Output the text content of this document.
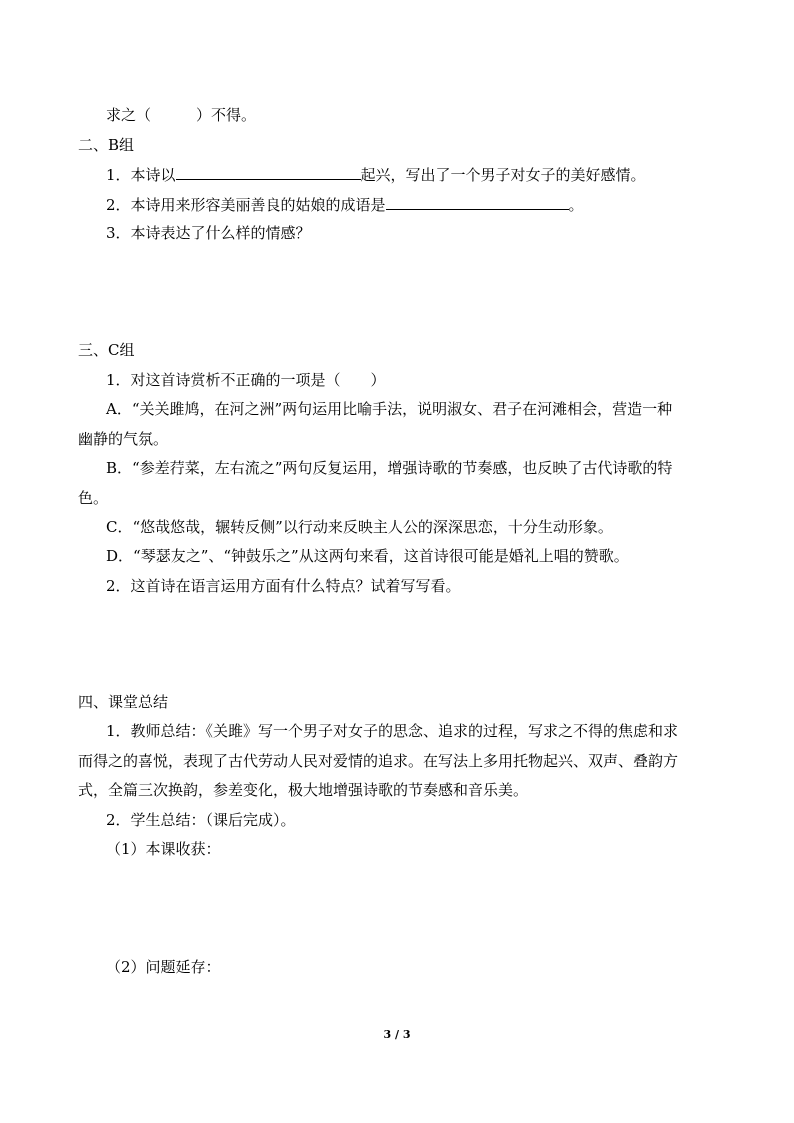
求之（　　　）不得。
二、B组
1．本诗以	起兴，写出了一个男子对女子的美好感情。
2．本诗用来形容美丽善良的姑娘的成语是	。
3．本诗表达了什么样的情感？
三、C组
1．对这首诗赏析不正确的一项是（　　）
A．“关关雎鸠，在河之洲”两句运用比喻手法，说明淑女、君子在河滩相会，营造一种
幽静的气氛。
B．“参差荇菜，左右流之”两句反复运用，增强诗歌的节奏感，也反映了古代诗歌的特
色。
C．“悠哉悠哉，辗转反侧”以行动来反映主人公的深深思恋，十分生动形象。
D．“琴瑟友之”、“钟鼓乐之”从这两句来看，这首诗很可能是婚礼上唱的赞歌。
2．这首诗在语言运用方面有什么特点？试着写写看。
四、课堂总结
1．教师总结：《关雎》写一个男子对女子的思念、追求的过程，写求之不得的焦虑和求
而得之的喜悦，表现了古代劳动人民对爱情的追求。在写法上多用托物起兴、双声、叠韵方
式，全篇三次换韵，参差变化，极大地增强诗歌的节奏感和音乐美。
2．学生总结：（课后完成）。
（1）本课收获：
（2）问题延存：
3 / 3
